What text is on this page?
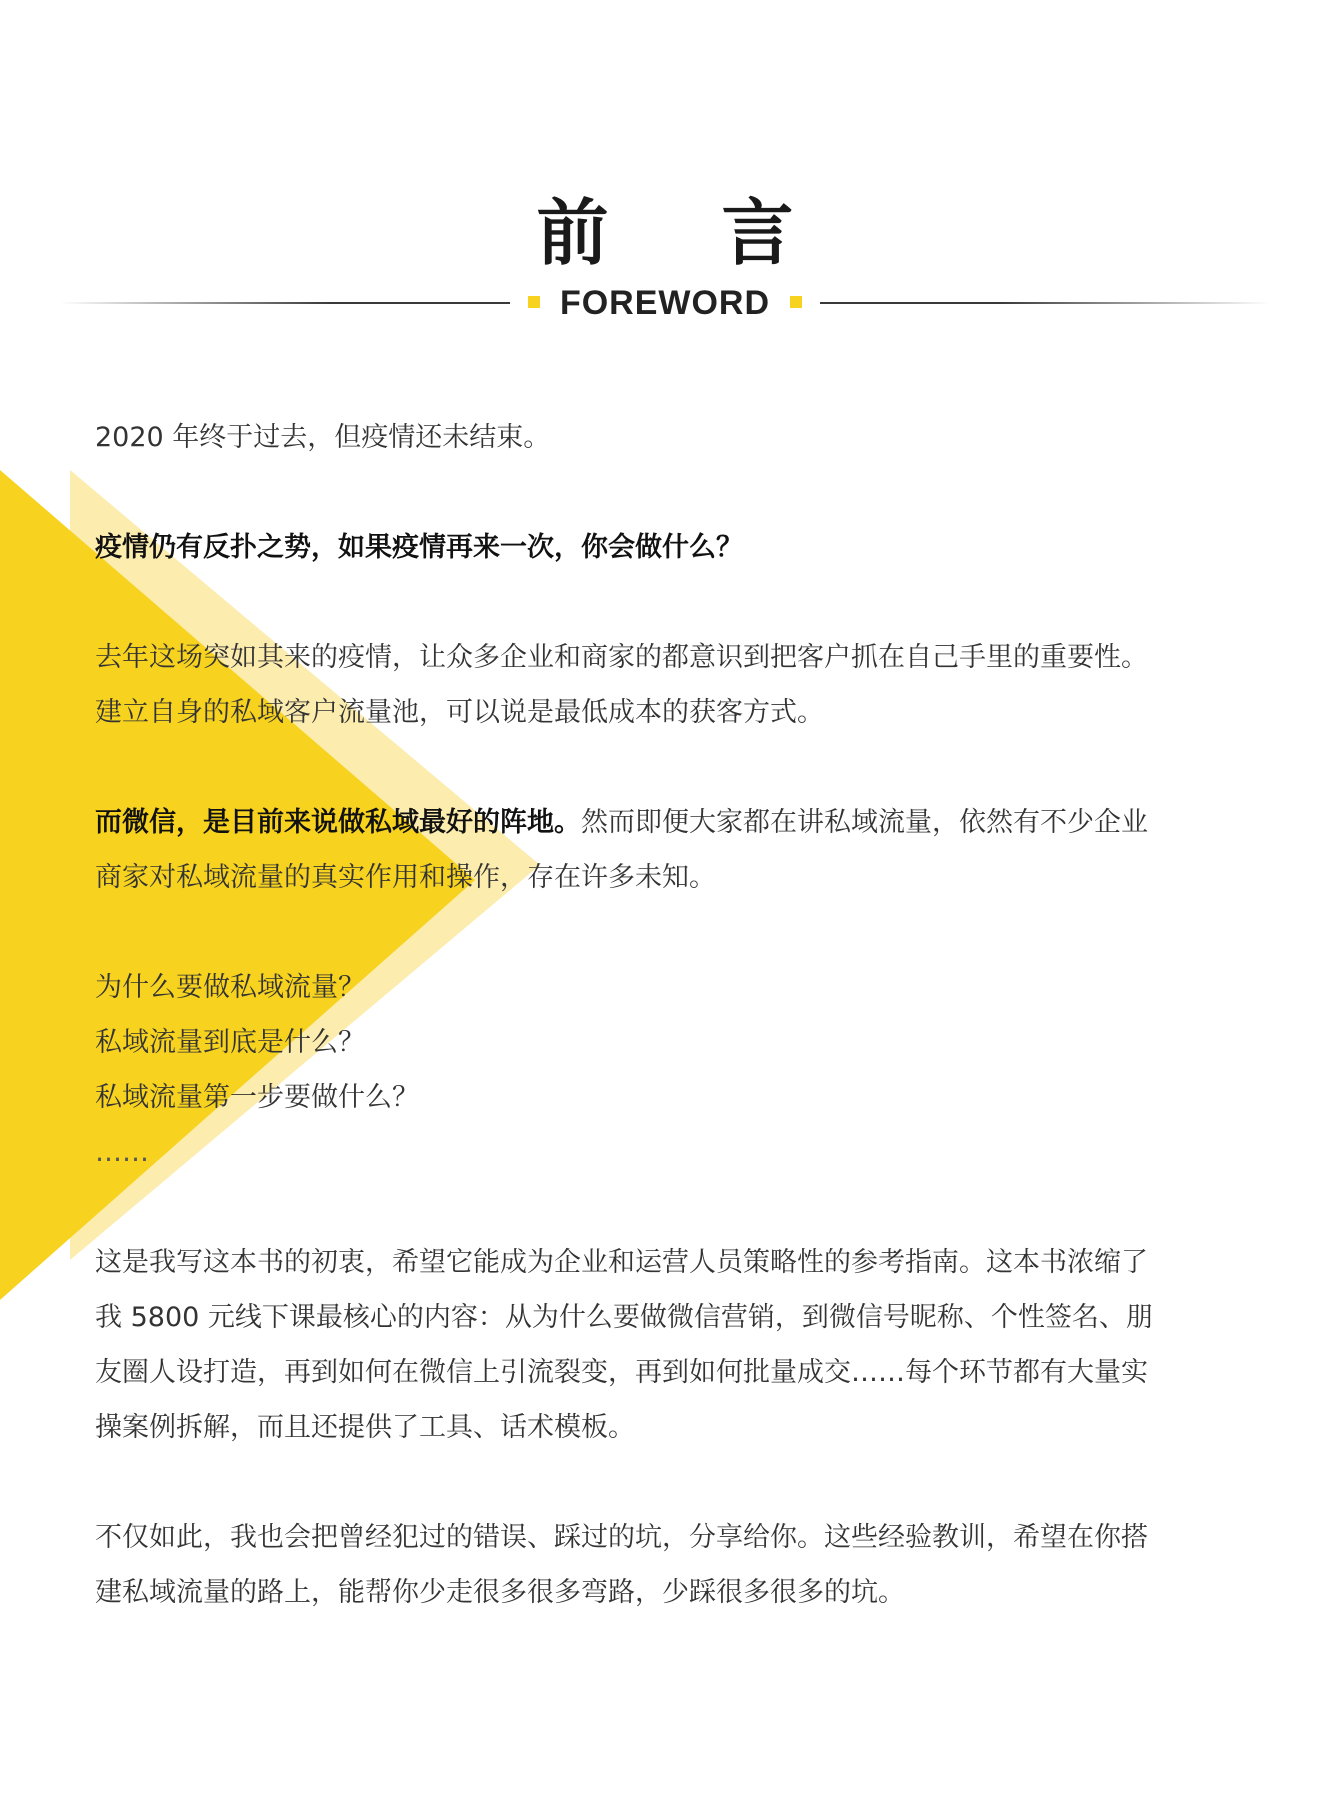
前 言
FOREWORD

2020 年终于过去，但疫情还未结束。

疫情仍有反扑之势，如果疫情再来一次，你会做什么？

去年这场突如其来的疫情，让众多企业和商家的都意识到把客户抓在自己手里的重要性。
建立自身的私域客户流量池，可以说是最低成本的获客方式。

而微信，是目前来说做私域最好的阵地。然而即便大家都在讲私域流量，依然有不少企业
商家对私域流量的真实作用和操作，存在许多未知。

为什么要做私域流量？
私域流量到底是什么？
私域流量第一步要做什么？
……

这是我写这本书的初衷，希望它能成为企业和运营人员策略性的参考指南。这本书浓缩了
我 5800 元线下课最核心的内容：从为什么要做微信营销，到微信号昵称、个性签名、朋
友圈人设打造，再到如何在微信上引流裂变，再到如何批量成交……每个环节都有大量实
操案例拆解，而且还提供了工具、话术模板。

不仅如此，我也会把曾经犯过的错误、踩过的坑，分享给你。这些经验教训，希望在你搭
建私域流量的路上，能帮你少走很多很多弯路，少踩很多很多的坑。
